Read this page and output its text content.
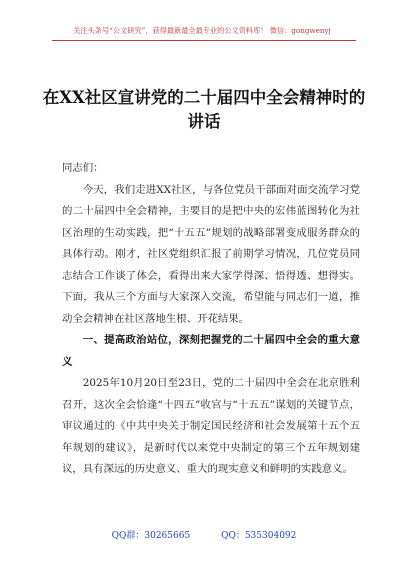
关注头条号“公文研究”，获得最新最全最专业的公文资料库！ 微信：gongwenyj
在XX社区宣讲党的二十届四中全会精神时的讲话

同志们：

今天，我们走进XX社区，与各位党员干部面对面交流学习党的二十届四中全会精神，主要目的是把中央的宏伟蓝图转化为社区治理的生动实践，把“十五五”规划的战略部署变成服务群众的具体行动。刚才，社区党组织汇报了前期学习情况，几位党员同志结合工作谈了体会，看得出来大家学得深、悟得透、想得实。下面，我从三个方面与大家深入交流，希望能与同志们一道，推动全会精神在社区落地生根、开花结果。

一、提高政治站位，深刻把握党的二十届四中全会的重大意义

2025年10月20日至23日，党的二十届四中全会在北京胜利召开，这次全会恰逢“十四五”收官与“十五五”谋划的关键节点，审议通过的《中共中央关于制定国民经济和社会发展第十五个五年规划的建议》，是新时代以来党中央制定的第三个五年规划建议，具有深远的历史意义、重大的现实意义和鲜明的实践意义。

QQ群：30265665	QQ：535304092
